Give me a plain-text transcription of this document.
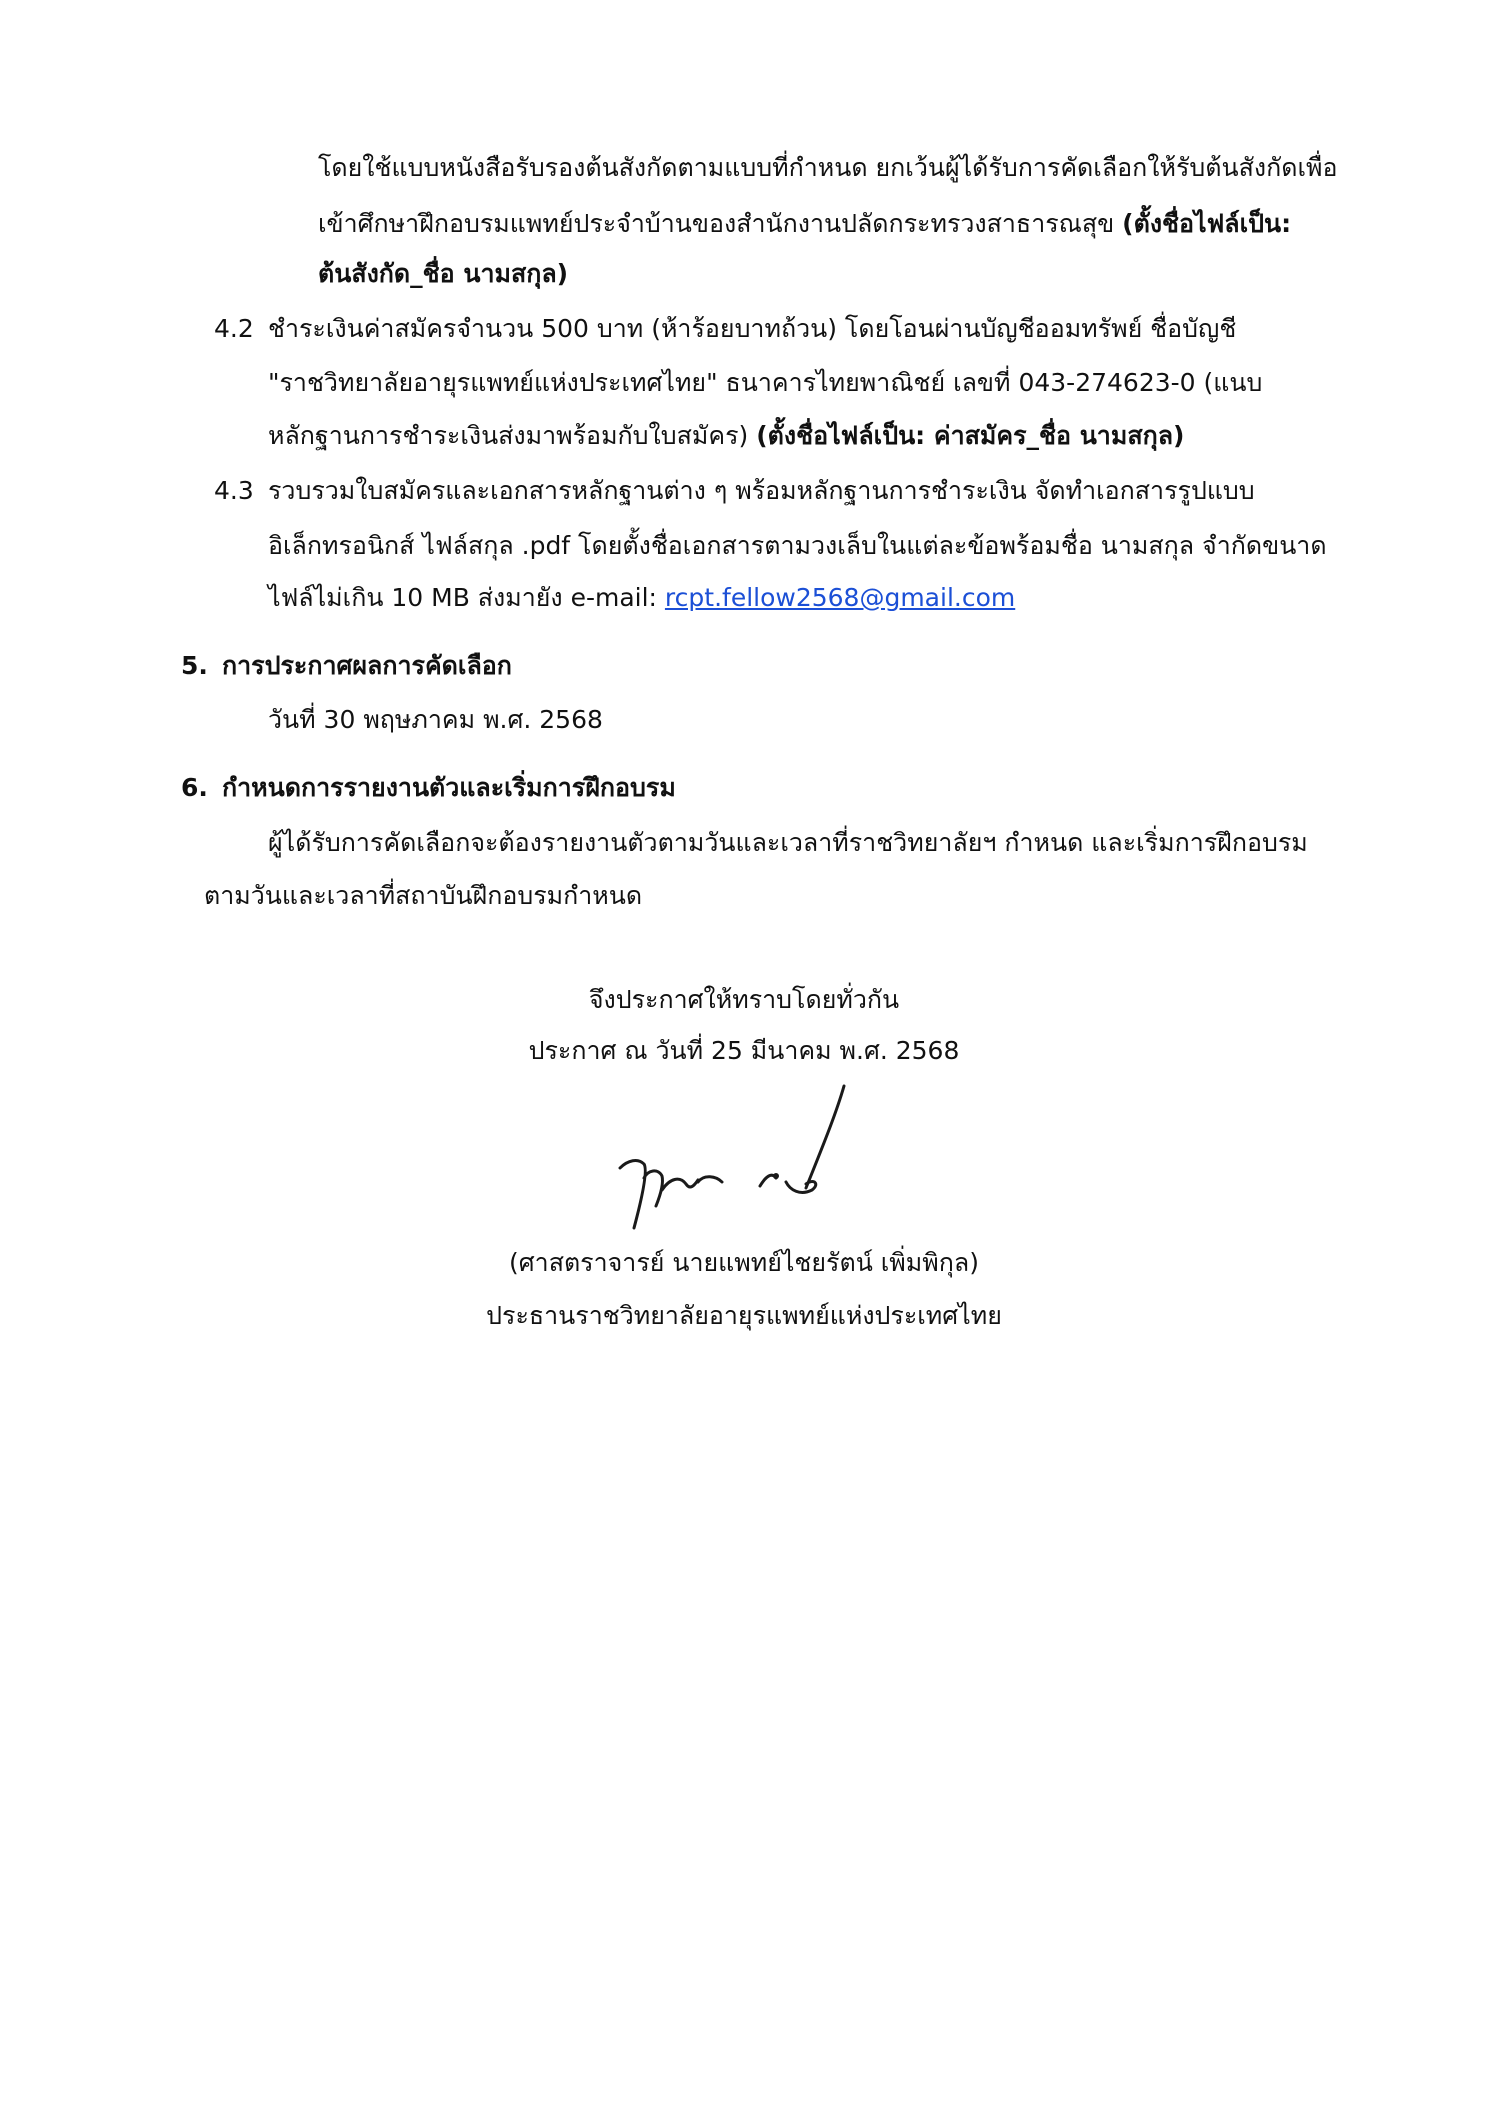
โดยใช้แบบหนังสือรับรองต้นสังกัดตามแบบที่กำหนด ยกเว้นผู้ได้รับการคัดเลือกให้รับต้นสังกัดเพื่อ
เข้าศึกษาฝึกอบรมแพทย์ประจำบ้านของสำนักงานปลัดกระทรวงสาธารณสุข (ตั้งชื่อไฟล์เป็น:
ต้นสังกัด_ชื่อ นามสกุล)
4.2 ชำระเงินค่าสมัครจำนวน 500 บาท (ห้าร้อยบาทถ้วน) โดยโอนผ่านบัญชีออมทรัพย์ ชื่อบัญชี
"ราชวิทยาลัยอายุรแพทย์แห่งประเทศไทย" ธนาคารไทยพาณิชย์ เลขที่ 043-274623-0 (แนบ
หลักฐานการชำระเงินส่งมาพร้อมกับใบสมัคร) (ตั้งชื่อไฟล์เป็น: ค่าสมัคร_ชื่อ นามสกุล)
4.3 รวบรวมใบสมัครและเอกสารหลักฐานต่าง ๆ พร้อมหลักฐานการชำระเงิน จัดทำเอกสารรูปแบบ
อิเล็กทรอนิกส์ ไฟล์สกุล .pdf โดยตั้งชื่อเอกสารตามวงเล็บในแต่ละข้อพร้อมชื่อ นามสกุล จำกัดขนาด
ไฟล์ไม่เกิน 10 MB ส่งมายัง e-mail: rcpt.fellow2568@gmail.com
5. การประกาศผลการคัดเลือก
วันที่ 30 พฤษภาคม พ.ศ. 2568
6. กำหนดการรายงานตัวและเริ่มการฝึกอบรม
ผู้ได้รับการคัดเลือกจะต้องรายงานตัวตามวันและเวลาที่ราชวิทยาลัยฯ กำหนด และเริ่มการฝึกอบรม
ตามวันและเวลาที่สถาบันฝึกอบรมกำหนด
จึงประกาศให้ทราบโดยทั่วกัน
ประกาศ ณ วันที่ 25 มีนาคม พ.ศ. 2568
(ศาสตราจารย์ นายแพทย์ไชยรัตน์ เพิ่มพิกุล)
ประธานราชวิทยาลัยอายุรแพทย์แห่งประเทศไทย
